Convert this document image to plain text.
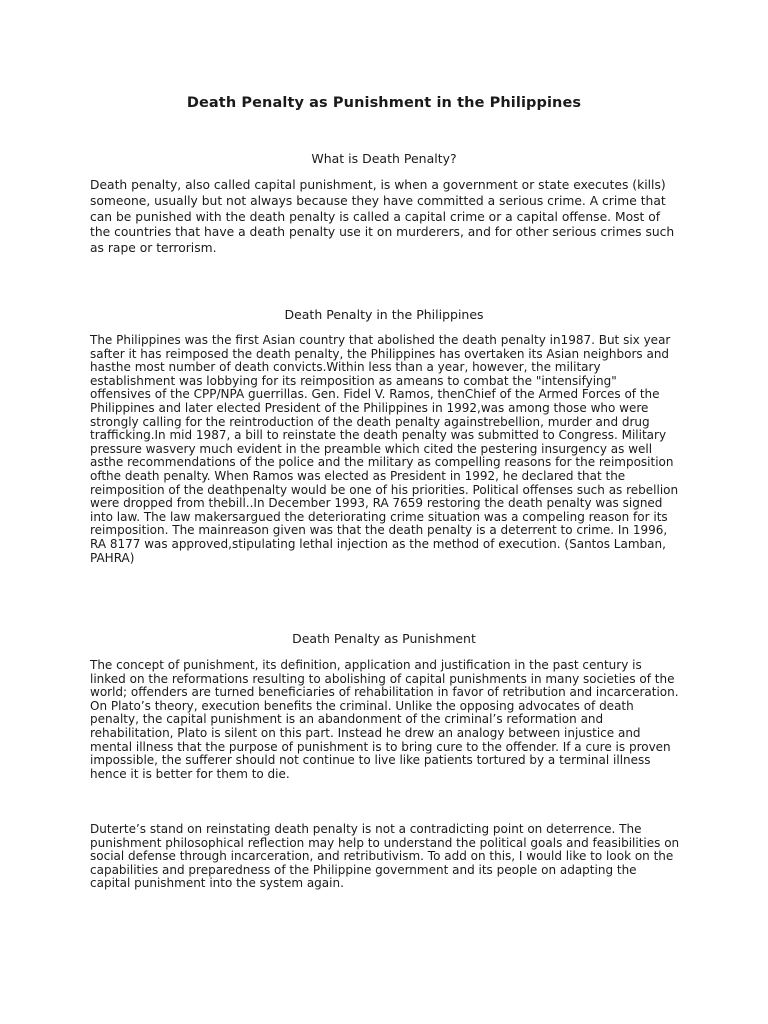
Death Penalty as Punishment in the Philippines
What is Death Penalty?
Death penalty, also called capital punishment, is when a government or state executes (kills) someone, usually but not always because they have committed a serious crime. A crime that can be punished with the death penalty is called a capital crime or a capital offense. Most of the countries that have a death penalty use it on murderers, and for other serious crimes such as rape or terrorism.
Death Penalty in the Philippines
The Philippines was the first Asian country that abolished the death penalty in1987. But six year safter it has reimposed the death penalty, the Philippines has overtaken its Asian neighbors and hasthe most number of death convicts.Within less than a year, however, the military establishment was lobbying for its reimposition as ameans to combat the "intensifying" offensives of the CPP/NPA guerrillas. Gen. Fidel V. Ramos, thenChief of the Armed Forces of the Philippines and later elected President of the Philippines in 1992,was among those who were strongly calling for the reintroduction of the death penalty againstrebellion, murder and drug trafficking.In mid 1987, a bill to reinstate the death penalty was submitted to Congress. Military pressure wasvery much evident in the preamble which cited the pestering insurgency as well asthe recommendations of the police and the military as compelling reasons for the reimposition ofthe death penalty. When Ramos was elected as President in 1992, he declared that the reimposition of the deathpenalty would be one of his priorities. Political offenses such as rebellion were dropped from thebill..In December 1993, RA 7659 restoring the death penalty was signed into law. The law makersargued the deteriorating crime situation was a compeling reason for its reimposition. The mainreason given was that the death penalty is a deterrent to crime. In 1996, RA 8177 was approved,stipulating lethal injection as the method of execution. (Santos Lamban, PAHRA)
Death Penalty as Punishment
The concept of punishment, its definition, application and justification in the past century is linked on the reformations resulting to abolishing of capital punishments in many societies of the world; offenders are turned beneficiaries of rehabilitation in favor of retribution and incarceration. On Plato’s theory, execution benefits the criminal. Unlike the opposing advocates of death penalty, the capital punishment is an abandonment of the criminal’s reformation and rehabilitation, Plato is silent on this part. Instead he drew an analogy between injustice and mental illness that the purpose of punishment is to bring cure to the offender. If a cure is proven impossible, the sufferer should not continue to live like patients tortured by a terminal illness hence it is better for them to die.
Duterte’s stand on reinstating death penalty is not a contradicting point on deterrence. The punishment philosophical reflection may help to understand the political goals and feasibilities on social defense through incarceration, and retributivism. To add on this, I would like to look on the capabilities and preparedness of the Philippine government and its people on adapting the capital punishment into the system again.
